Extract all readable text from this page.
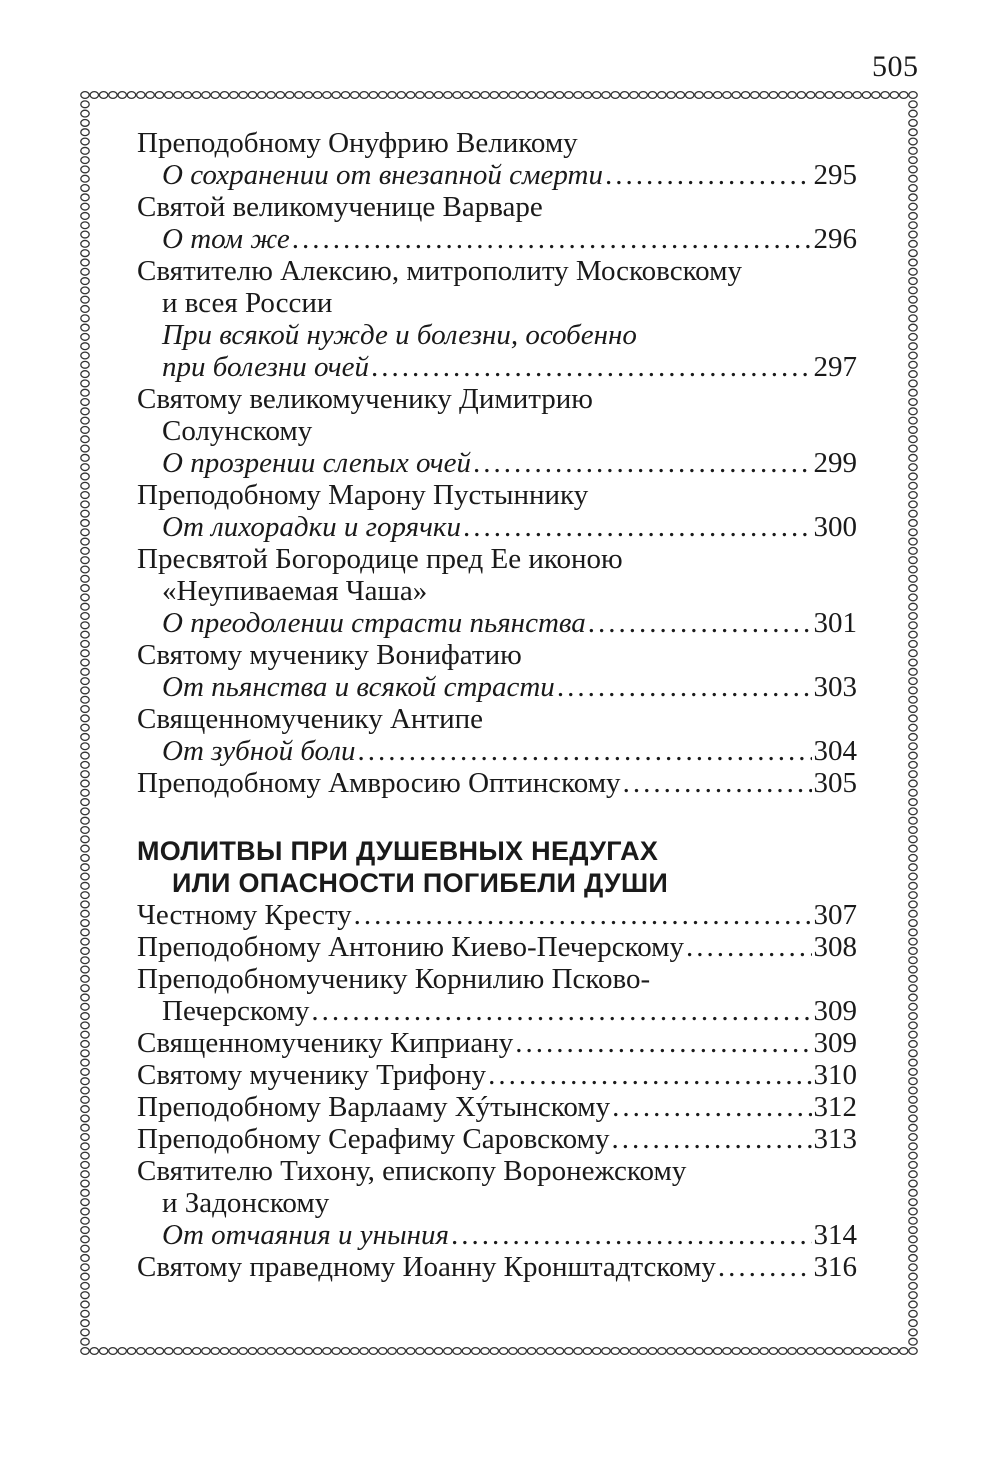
505
Преподобному Онуфрию Великому
О сохранении от внезапной смерти .....	295
Святой великомученице Варваре
О том же .....	296
Святителю Алексию, митрополиту Московскому
и всея России
При всякой нужде и болезни, особенно
при болезни очей .....	297
Святому великомученику Димитрию
Солунскому
О прозрении слепых очей .....	299
Преподобному Марону Пустыннику
От лихорадки и горячки .....	300
Пресвятой Богородице пред Ее иконою
«Неупиваемая Чаша»
О преодолении страсти пьянства .....	301
Святому мученику Вонифатию
От пьянства и всякой страсти .....	303
Священномученику Антипе
От зубной боли .....	304
Преподобному Амвросию Оптинскому .....	305
МОЛИТВЫ ПРИ ДУШЕВНЫХ НЕДУГАХ
ИЛИ ОПАСНОСТИ ПОГИБЕЛИ ДУШИ
Честному Кресту .....	307
Преподобному Антонию Киево-Печерскому .....	308
Преподобномученику Корнилию Псково-
Печерскому .....	309
Священномученику Киприану .....	309
Святому мученику Трифону .....	310
Преподобному Варлааму Хýтынскому .....	312
Преподобному Серафиму Саровскому .....	313
Святителю Тихону, епископу Воронежскому
и Задонскому
От отчаяния и уныния .....	314
Святому праведному Иоанну Кронштадтскому .....	316
